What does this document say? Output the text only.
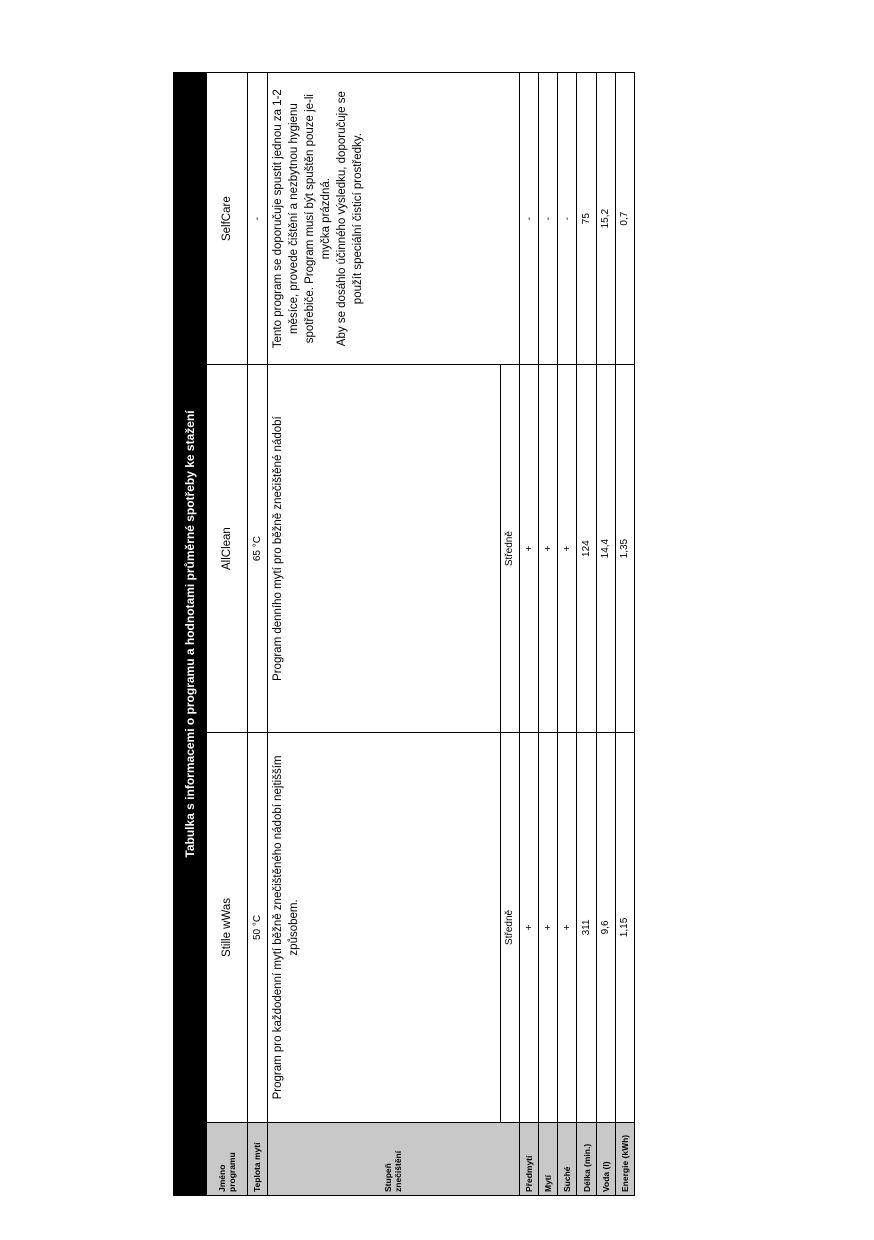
Tabulka s informacemi o programu a hodnotami průměrné spotřeby ke stažení			
Jméno programu	Stille wWas	AllClean	SelfCare
Teplota mytí	50 °C	65 °C	-
Stupeň znečištění	Program pro každodenní mytí běžně znečištěného nádobí nejtišším způsobem.	Program denního mytí pro běžně znečištěné nádobí	Tento program se doporučuje spustit jednou za 1-2 měsíce, provede čištění a nezbytnou hygienu spotřebiče. Program musí být spuštěn pouze je-li myčka prázdná. Aby se dosáhlo účinného výsledku, doporučuje se použít speciální čisticí prostředky.

	Středně	Středně	
Předmytí	+	+	-
Mytí	+	+	-
Suché	+	+	-
Délka (min.)	311	124	75
Voda (l)	9,6	14,4	15,2
Energie (kWh)	1,15	1,35	0,7
